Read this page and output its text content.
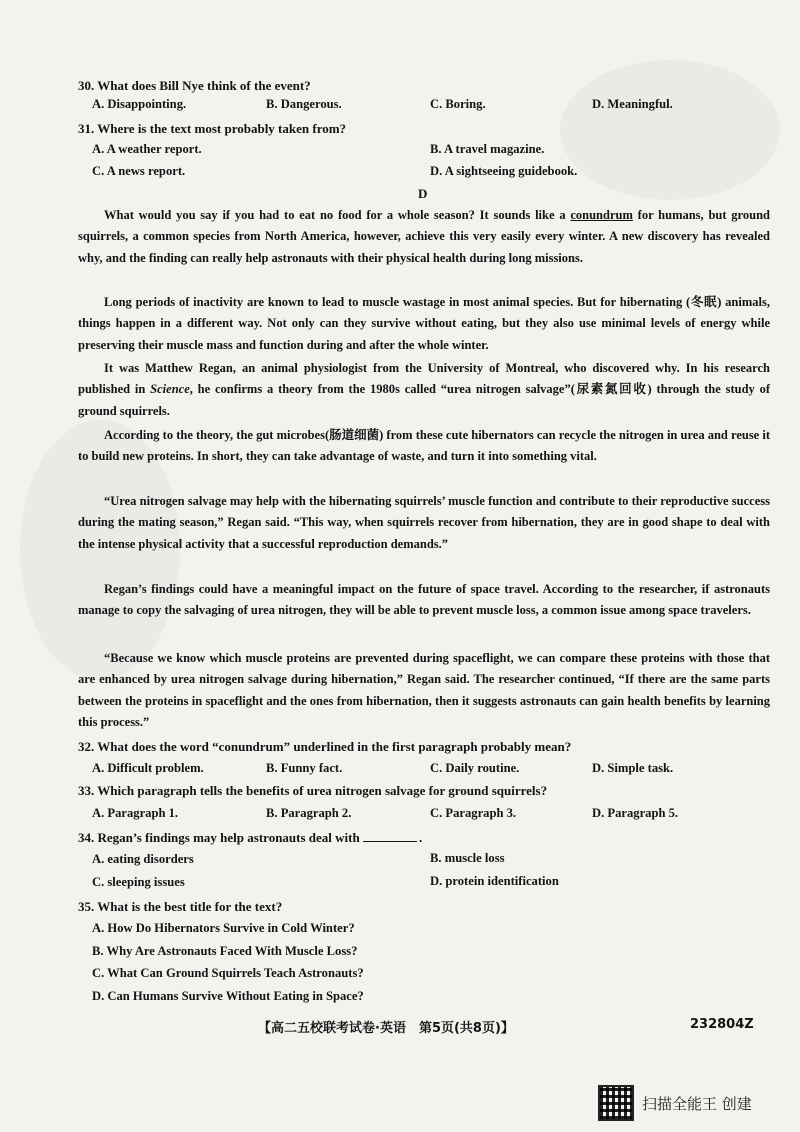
30. What does Bill Nye think of the event?
A. Disappointing.	B. Dangerous.	C. Boring.	D. Meaningful.
31. Where is the text most probably taken from?
A. A weather report.	B. A travel magazine.
C. A news report.	D. A sightseeing guidebook.
D

What would you say if you had to eat no food for a whole season? It sounds like a conundrum for humans, but ground squirrels, a common species from North America, however, achieve this very easily every winter. A new discovery has revealed why, and the finding can really help astronauts with their physical health during long missions.

Long periods of inactivity are known to lead to muscle wastage in most animal species. But for hibernating (冬眠) animals, things happen in a different way. Not only can they survive without eating, but they also use minimal levels of energy while preserving their muscle mass and function during and after the whole winter.

It was Matthew Regan, an animal physiologist from the University of Montreal, who discovered why. In his research published in Science, he confirms a theory from the 1980s called “urea nitrogen salvage”(尿素氮回收) through the study of ground squirrels.

According to the theory, the gut microbes(肠道细菌) from these cute hibernators can recycle the nitrogen in urea and reuse it to build new proteins. In short, they can take advantage of waste, and turn it into something vital.

“Urea nitrogen salvage may help with the hibernating squirrels’ muscle function and contribute to their reproductive success during the mating season,” Regan said. “This way, when squirrels recover from hibernation, they are in good shape to deal with the intense physical activity that a successful reproduction demands.”

Regan’s findings could have a meaningful impact on the future of space travel. According to the researcher, if astronauts manage to copy the salvaging of urea nitrogen, they will be able to prevent muscle loss, a common issue among space travelers.

“Because we know which muscle proteins are prevented during spaceflight, we can compare these proteins with those that are enhanced by urea nitrogen salvage during hibernation,” Regan said. The researcher continued, “If there are the same parts between the proteins in spaceflight and the ones from hibernation, then it suggests astronauts can gain health benefits by learning this process.”

32. What does the word “conundrum” underlined in the first paragraph probably mean?
A. Difficult problem.	B. Funny fact.	C. Daily routine.	D. Simple task.
33. Which paragraph tells the benefits of urea nitrogen salvage for ground squirrels?
A. Paragraph 1.	B. Paragraph 2.	C. Paragraph 3.	D. Paragraph 5.
34. Regan’s findings may help astronauts deal with	.
A. eating disorders	B. muscle loss
C. sleeping issues	D. protein identification
35. What is the best title for the text?
A. How Do Hibernators Survive in Cold Winter?
B. Why Are Astronauts Faced With Muscle Loss?
C. What Can Ground Squirrels Teach Astronauts?
D. Can Humans Survive Without Eating in Space?
【高二五校联考试卷·英语　第5页(共8页)】	232804Z
扫描全能王 创建
